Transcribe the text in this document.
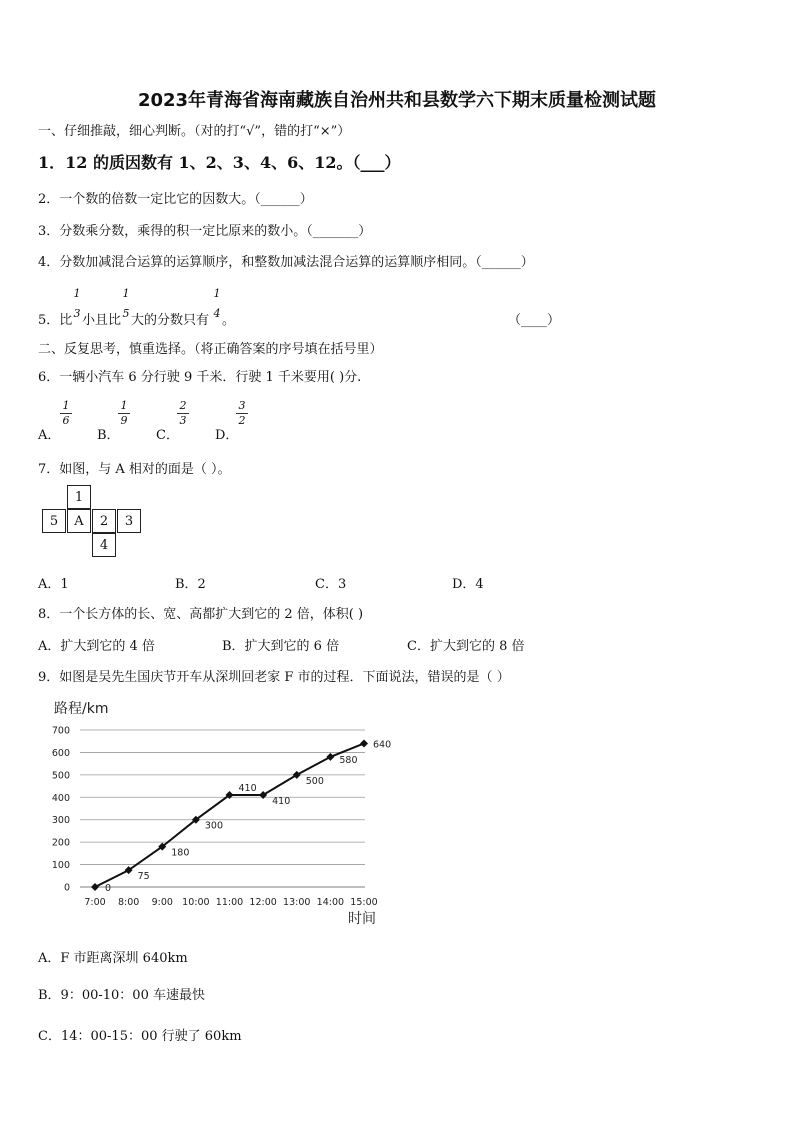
2023年青海省海南藏族自治州共和县数学六下期末质量检测试题
一、仔细推敲，细心判断。（对的打“√”，错的打“×”）
1．12 的质因数有 1、2、3、4、6、12。（___）
2．一个数的倍数一定比它的因数大。（______）
3．分数乘分数，乘得的积一定比原来的数小。（_______）
4．分数加减混合运算的运算顺序，和整数加减法混合运算的运算顺序相同。（______）
5．比
1
3 小且比
1
5 大的分数只有
1
4 。	（____）
二、反复思考，慎重选择。（将正确答案的序号填在括号里）
6．一辆小汽车 6 分行驶 9 千米．行驶 1 千米要用( )分.
A．
1
6
B．
1
9
C．
2
3
D．
3
2
7．如图，与 A 相对的面是（ ）。
1
5	A	2	3
4
A．1	B．2	C．3	D．4
8．一个长方体的长、宽、高都扩大到它的 2 倍，体积( )
A．扩大到它的 4 倍	B．扩大到它的 6 倍	C．扩大到它的 8 倍
9．如图是吴先生国庆节开车从深圳回老家 F 市的过程．下面说法，错误的是（ ）
路程/km
时间
0
100
200
300
400
500
600
700
7:00 8:00 9:00 10:00 11:00 12:00 13:00 14:00 15:00
0
75
180
300
410
410
500
580
640
A．F 市距离深圳 640km
B．9：00-10：00 车速最快
C．14：00-15：00 行驶了 60km
